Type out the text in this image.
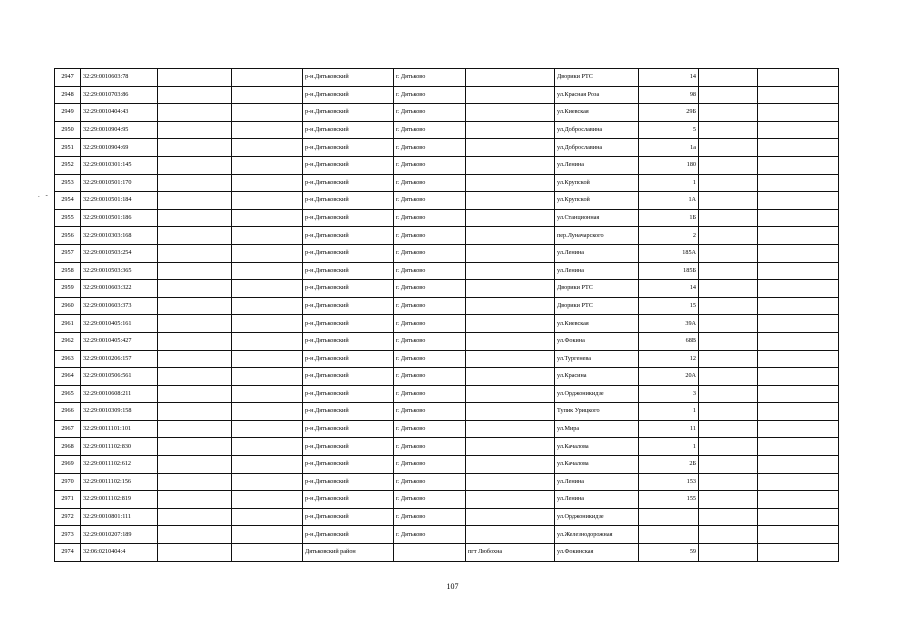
. -
2947	32:29:0010603:78			р-н.Дятьковский	г. Дятьково		Дворики РТС	14		
2948	32:29:0010703:86			р-н.Дятьковский	г. Дятьково		ул.Красная Роза	98		
2949	32:29:0010404:43			р-н.Дятьковский	г. Дятьково		ул.Киевская	29Б		
2950	32:29:0010904:95			р-н.Дятьковский	г. Дятьково		ул.Доброславина	5		
2951	32:29:0010904:69			р-н.Дятьковский	г. Дятьково		ул.Доброславина	1а		
2952	32:29:0010301:145			р-н.Дятьковский	г. Дятьково		ул.Ленина	180		
2953	32:29:0010501:170			р-н.Дятьковский	г. Дятьково		ул.Крупской	1		
2954	32:29:0010501:184			р-н.Дятьковский	г. Дятьково		ул.Крупской	1А		
2955	32:29:0010501:186			р-н.Дятьковский	г. Дятьково		ул.Станционная	1Б		
2956	32:29:0010303:168			р-н.Дятьковский	г. Дятьково		пер.Луначарского	2		
2957	32:29:0010503:254			р-н.Дятьковский	г. Дятьково		ул.Ленина	185А		
2958	32:29:0010503:365			р-н.Дятьковский	г. Дятьково		ул.Ленина	185Б		
2959	32:29:0010603:322			р-н.Дятьковский	г. Дятьково		Дворики РТС	14		
2960	32:29:0010603:373			р-н.Дятьковский	г. Дятьково		Дворики РТС	15		
2961	32:29:0010405:161			р-н.Дятьковский	г. Дятьково		ул.Киевская	39А		
2962	32:29:0010405:427			р-н.Дятьковский	г. Дятьково		ул.Фокина	68В		
2963	32:29:0010206:157			р-н.Дятьковский	г. Дятьково		ул.Тургенева	12		
2964	32:29:0010506:561			р-н.Дятьковский	г. Дятьково		ул.Красина	20А		
2965	32:29:0010608:211			р-н.Дятьковский	г. Дятьково		ул.Орджоникидзе	3		
2966	32:29:0010309:158			р-н.Дятьковский	г. Дятьково		Тупик Урицкого	1		
2967	32:29:0011101:101			р-н.Дятьковский	г. Дятьково		ул.Мира	11		
2968	32:29:0011102:830			р-н.Дятьковский	г. Дятьково		ул.Качалова	1		
2969	32:29:0011102:612			р-н.Дятьковский	г. Дятьково		ул.Качалова	2Б		
2970	32:29:0011102:156			р-н.Дятьковский	г. Дятьково		ул.Ленина	153		
2971	32:29:0011102:819			р-н.Дятьковский	г. Дятьково		ул.Ленина	155		
2972	32:29:0010801:111			р-н.Дятьковский	г. Дятьково		ул.Орджоникидзе			
2973	32:29:0010207:189			р-н.Дятьковский	г. Дятьково		ул.Железнодорожная			
2974	32:06:0210404:4			Дятьковский район		пгт Любохна	ул.Фокинская	59		
107
